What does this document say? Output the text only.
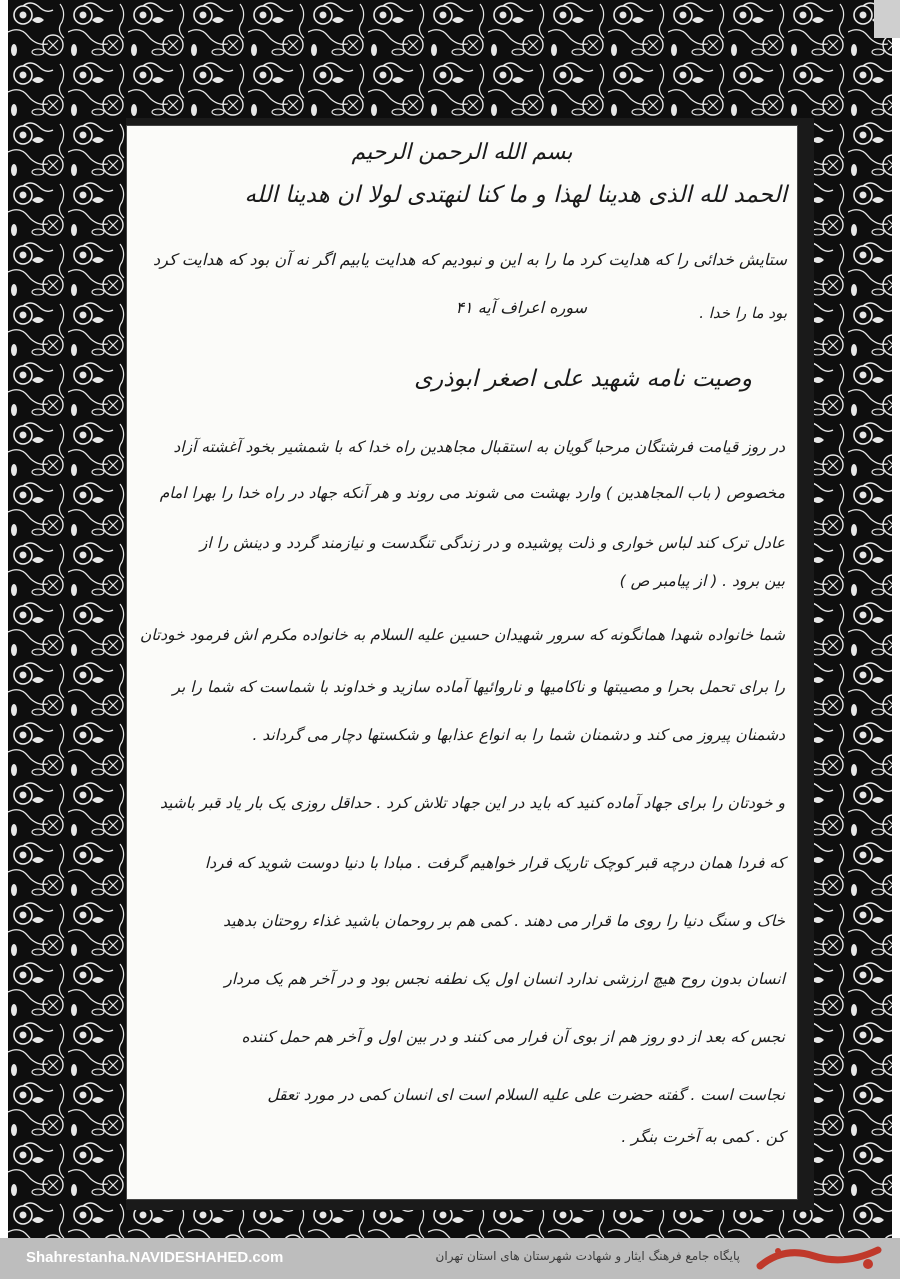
بسم الله الرحمن الرحیم
الحمد لله الذی هدینا لهذا و ما کنا لنهتدی لولا ان هدینا الله
ستایش خدائی را که هدایت کرد ما را به این و نبودیم که هدایت یابیم اگر نه آن بود که هدایت کرد
بود ما را خدا .
سوره اعراف آیه ۴۱
وصیت نامه شهید علی اصغر ابوذری
در روز قیامت فرشتگان مرحبا گویان به استقبال مجاهدین راه خدا که با شمشیر بخود آغشته آزاد
مخصوص ( باب المجاهدین ) وارد بهشت می شوند می روند و هر آنکه جهاد در راه خدا را بهرا امام
عادل ترک کند لباس خواری و ذلت پوشیده و در زندگی تنگدست و نیازمند گردد و دینش را از
بین برود . ( از پیامبر ص )
شما خانواده شهدا همانگونه که سرور شهیدان حسین علیه السلام به خانواده مکرم اش فرمود خودتان
را برای تحمل بحرا و مصیبتها و ناکامیها و ناروائیها آماده سازید و خداوند با شماست که شما را بر
دشمنان پیروز می کند و دشمنان شما را به انواع عذابها و شکستها دچار می گرداند .
و خودتان را برای جهاد آماده کنید که باید در این جهاد تلاش کرد . حداقل روزی یک بار یاد قبر باشید
که فردا همان درچه قبر کوچک تاریک قرار خواهیم گرفت . مبادا با دنیا دوست شوید که فردا
خاک و سنگ دنیا را روی ما قرار می دهند . کمی هم بر روحمان باشید غذاء روحتان بدهید
انسان بدون روح هیچ ارزشی ندارد انسان اول یک نطفه نجس بود و در آخر هم یک مردار
نجس که بعد از دو روز هم از بوی آن فرار می کنند و در بین اول و آخر هم حمل کننده
نجاست است . گفته حضرت علی علیه السلام است ای انسان کمی در مورد تعقل
کن . کمی به آخرت بنگر .
Shahrestanha.NAVIDESHAHED.com	پایگاه جامع فرهنگ ایثار و شهادت شهرستان های استان تهران
